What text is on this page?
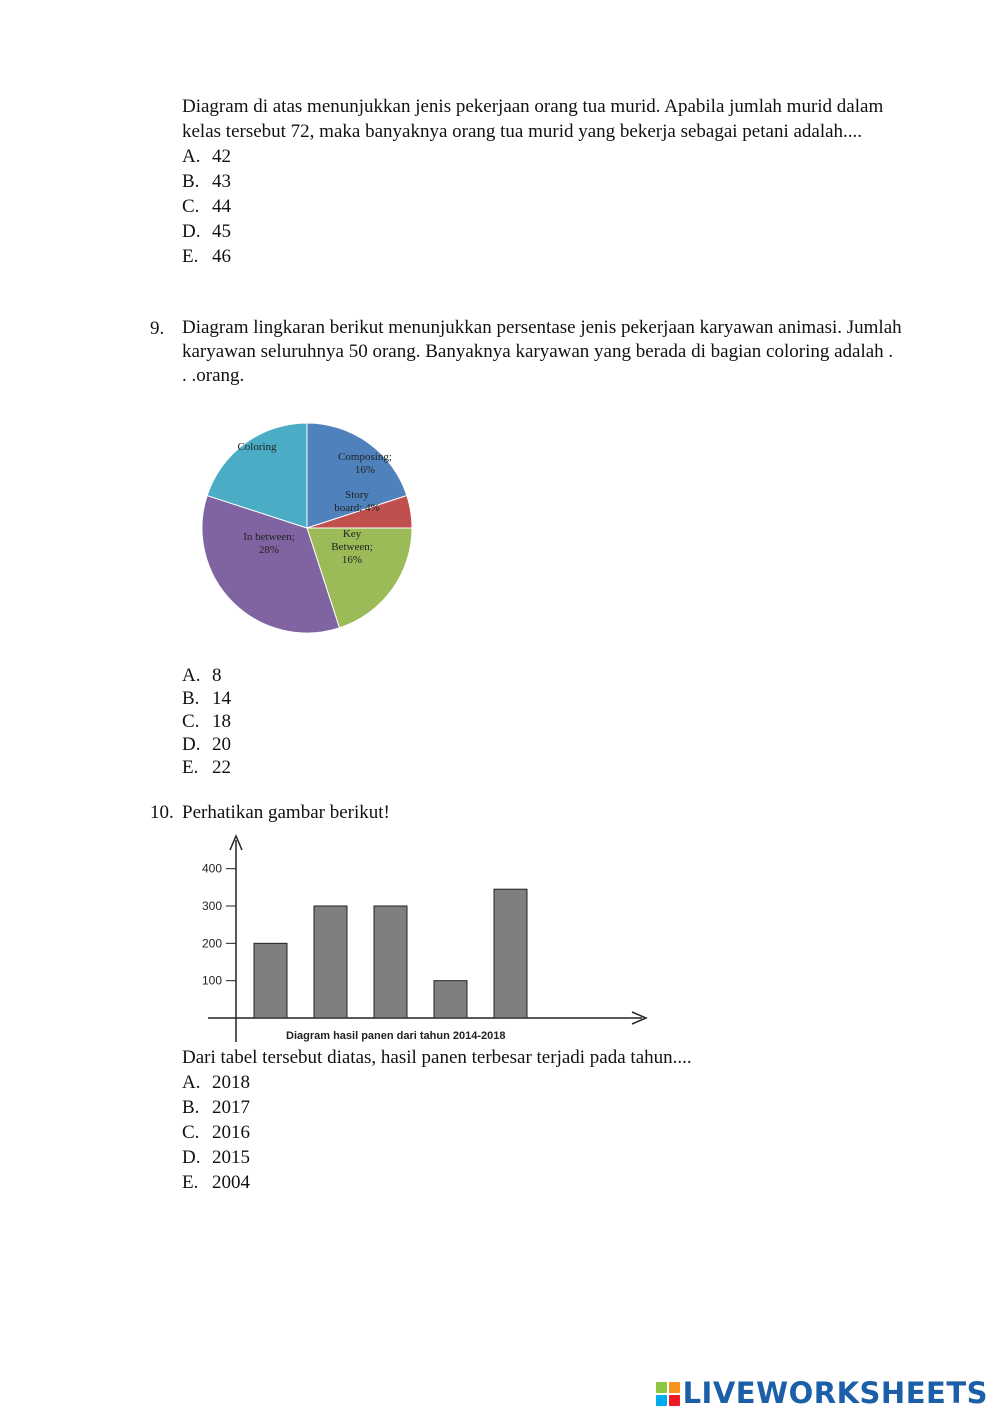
Diagram di atas menunjukkan jenis pekerjaan orang tua murid. Apabila jumlah murid dalam kelas tersebut 72, maka banyaknya orang tua murid yang bekerja sebagai petani adalah....

A. 42
B. 43
C. 44
D. 45
E. 46
9. Diagram lingkaran berikut menunjukkan persentase jenis pekerjaan karyawan animasi. Jumlah karyawan seluruhnya 50 orang. Banyaknya karyawan yang berada di bagian coloring adalah . . .orang.

Composing; 16%
Story board; 4%
Key Between; 16%
In between; 28%
Coloring
A. 8
B. 14
C. 18
D. 20
E. 22
10. Perhatikan gambar berikut!

100
200
300
400
Diagram hasil panen dari tahun 2014-2018

Dari tabel tersebut diatas, hasil panen terbesar terjadi pada tahun....

A. 2018
B. 2017
C. 2016
D. 2015
E. 2004
LIVEWORKSHEETS
